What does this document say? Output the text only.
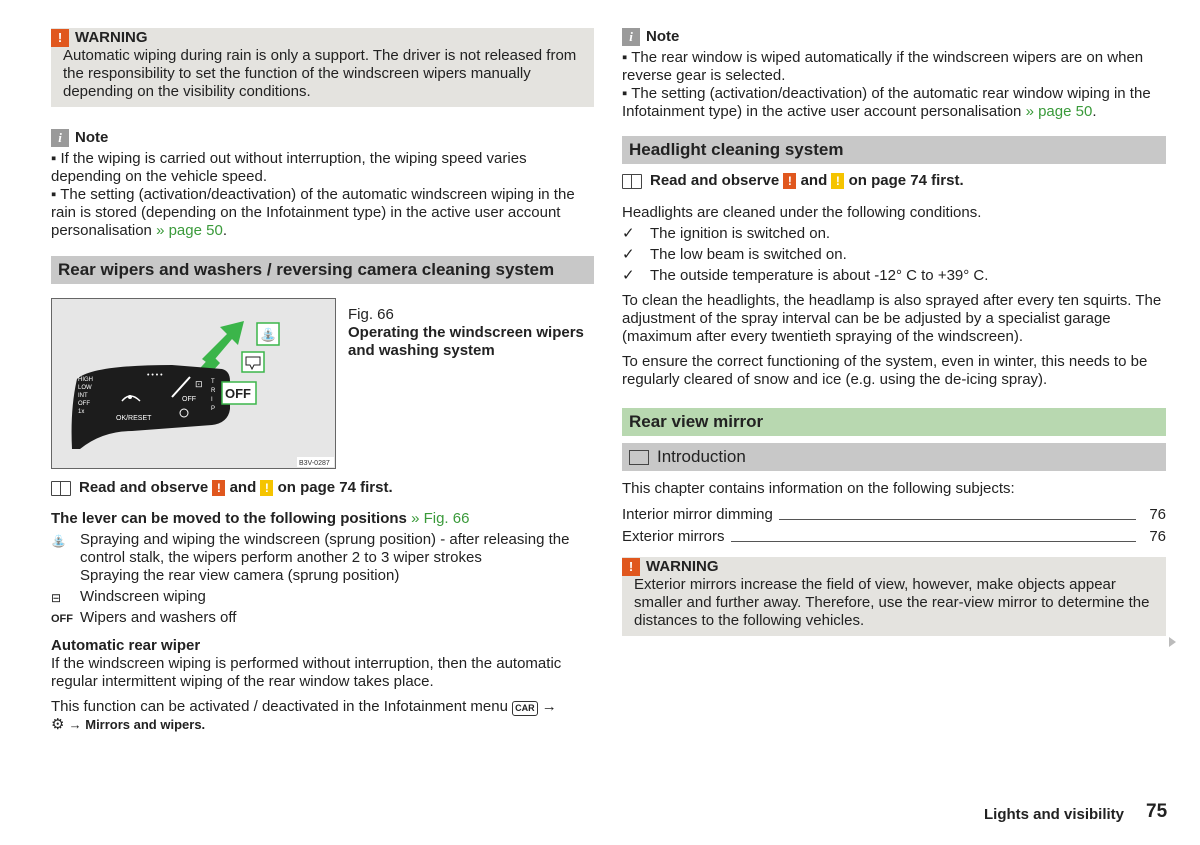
! WARNING

Automatic wiping during rain is only a support. The driver is not released from the responsibility to set the function of the windscreen wipers manually depending on the visibility conditions.

i Note

▪ If the wiping is carried out without interruption, the wiping speed varies depending on the vehicle speed.

▪ The setting (activation/deactivation) of the automatic windscreen wiping in the rain is stored (depending on the Infotainment type) in the active user account personalisation » page 50.

Rear wipers and washers / reversing camera cleaning system
• • • •
OFF
⊡
HIGH
LOW
INT
OFF
1x
OK/RESET
T
R
I
P
⛲
OFF
B3V-0287
Fig. 66
Operating the windscreen wipers and washing system
Read and observe ! and ! on page 74 first.

The lever can be moved to the following positions » Fig. 66

⛲ Spraying and wiping the windscreen (sprung position) - after releasing the control stalk, the wipers perform another 2 to 3 wiper strokes
Spraying the rear view camera (sprung position)
⊟ Windscreen wiping
OFF Wipers and washers off

Automatic rear wiper

If the windscreen wiping is performed without interruption, then the automatic regular intermittent wiping of the rear window takes place.

This function can be activated / deactivated in the Infotainment menu CAR →
⚙ → Mirrors and wipers.

i Note

▪ The rear window is wiped automatically if the windscreen wipers are on when reverse gear is selected.

▪ The setting (activation/deactivation) of the automatic rear window wiping in the Infotainment type) in the active user account personalisation » page 50.

Headlight cleaning system
Read and observe ! and ! on page 74 first.

Headlights are cleaned under the following conditions.

✓ The ignition is switched on.
✓ The low beam is switched on.
✓ The outside temperature is about -12° C to +39° C.

To clean the headlights, the headlamp is also sprayed after every ten squirts. The adjustment of the spray interval can be be adjusted by a specialist garage (maximum after every twentieth spraying of the windscreen).

To ensure the correct functioning of the system, even in winter, this needs to be regularly cleared of snow and ice (e.g. using the de-icing spray).

Rear view mirror
Introduction

This chapter contains information on the following subjects:

Interior mirror dimming	76
Exterior mirrors	76
! WARNING

Exterior mirrors increase the field of view, however, make objects appear smaller and further away. Therefore, use the rear-view mirror to determine the distances to the following vehicles.

Lights and visibility 75
